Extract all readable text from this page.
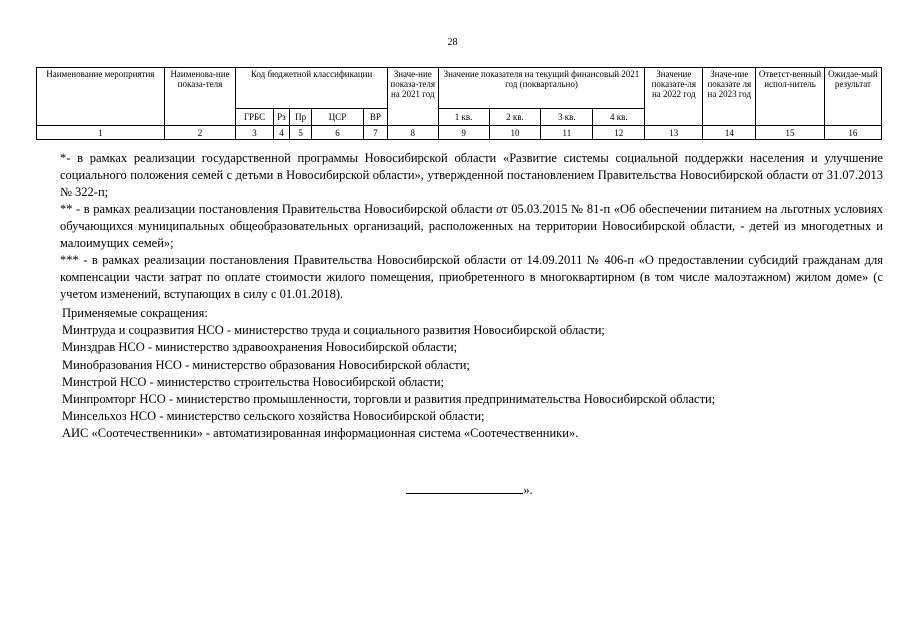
28
Наименование мероприятия	Наименова-ние показа-теля	Код бюджетной классификации					Значе-ние показа-теля на 2021 год	Значение показателя на текущий финансовый 2021 год (поквартально)				Значение показате-ля на 2022 год	Значе-ние показате ля на 2023 год	Ответст-венный испол-нитель	Ожидае-мый результат
		ГРБС	Рз	Пр	ЦСР	ВР		1 кв.	2 кв.	3 кв.	4 кв.				
1	2	3	4	5	6	7	8	9	10	11	12	13	14	15	16

*- в рамках реализации государственной программы Новосибирской области «Развитие системы социальной поддержки населения и улучшение социального положения семей с детьми в Новосибирской области», утвержденной постановлением Правительства Новосибирской области от 31.07.2013 № 322-п;

** - в рамках реализации постановления Правительства Новосибирской области от 05.03.2015 № 81-п «Об обеспечении питанием на льготных условиях обучающихся муниципальных общеобразовательных организаций, расположенных на территории Новосибирской области, - детей из многодетных и малоимущих семей»;

*** - в рамках реализации постановления Правительства Новосибирской области от 14.09.2011 № 406-п «О предоставлении субсидий гражданам для компенсации части затрат по оплате стоимости жилого помещения, приобретенного в многоквартирном (в том числе малоэтажном) жилом доме» (с учетом изменений, вступающих в силу с 01.01.2018).

Применяемые сокращения:
Минтруда и соцразвития НСО - министерство труда и социального развития Новосибирской области;
Минздрав НСО - министерство здравоохранения Новосибирской области;
Минобразования НСО - министерство образования Новосибирской области;
Минстрой НСО - министерство строительства Новосибирской области;
Минпромторг НСО - министерство промышленности, торговли и развития предпринимательства Новосибирской области;
Минсельхоз НСО - министерство сельского хозяйства Новосибирской области;
АИС «Соотечественники» - автоматизированная информационная система «Соотечественники».
».
